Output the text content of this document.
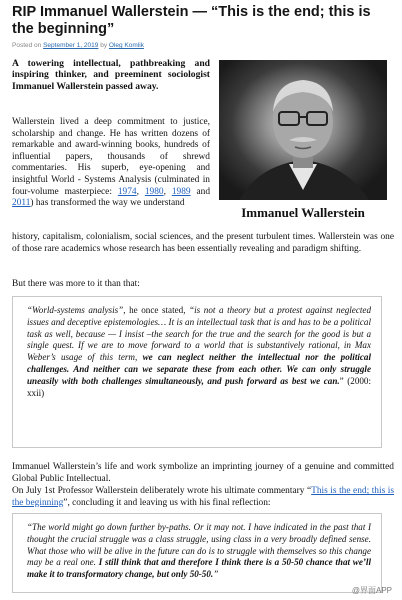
RIP Immanuel Wallerstein — “This is the end; this is the beginning”
Posted on September 1, 2019 by Oleg Komlik
Immanuel Wallerstein
A towering intellectual, pathbreaking and inspiring thinker, and preeminent sociologist Immanuel Wallerstein passed away.
Wallerstein lived a deep commitment to justice, scholarship and change. He has written dozens of remarkable and award-winning books, hundreds of influential papers, thousands of shrewd commentaries. His superb, eye-opening and insightful World - Systems Analysis (culminated in four-volume masterpiece: 1974, 1980, 1989 and 2011) has transformed the way we understand
history, capitalism, colonialism, social sciences, and the present turbulent times. Wallerstein was one of those rare academics whose research has been essentially revealing and paradigm shifting.
But there was more to it than that:
“World-systems analysis”, he once stated, “is not a theory but a protest against neglected issues and deceptive epistemologies… It is an intellectual task that is and has to be a political task as well, because — I insist –the search for the true and the search for the good is but a single quest. If we are to move forward to a world that is substantively rational, in Max Weber’s usage of this term, we can neglect neither the intellectual nor the political challenges. And neither can we separate these from each other. We can only struggle uneasily with both challenges simultaneously, and push forward as best we can.” (2000: xxii)
Immanuel Wallerstein’s life and work symbolize an imprinting journey of a genuine and committed Global Public Intellectual.
On July 1st Professor Wallerstein deliberately wrote his ultimate commentary “This is the end; this is the beginning”, concluding it and leaving us with his final reflection:
“The world might go down further by-paths. Or it may not. I have indicated in the past that I thought the crucial struggle was a class struggle, using class in a very broadly defined sense. What those who will be alive in the future can do is to struggle with themselves so this change may be a real one. I still think that and therefore I think there is a 50-50 chance that we’ll make it to transformatory change, but only 50-50.”
@界面APP
